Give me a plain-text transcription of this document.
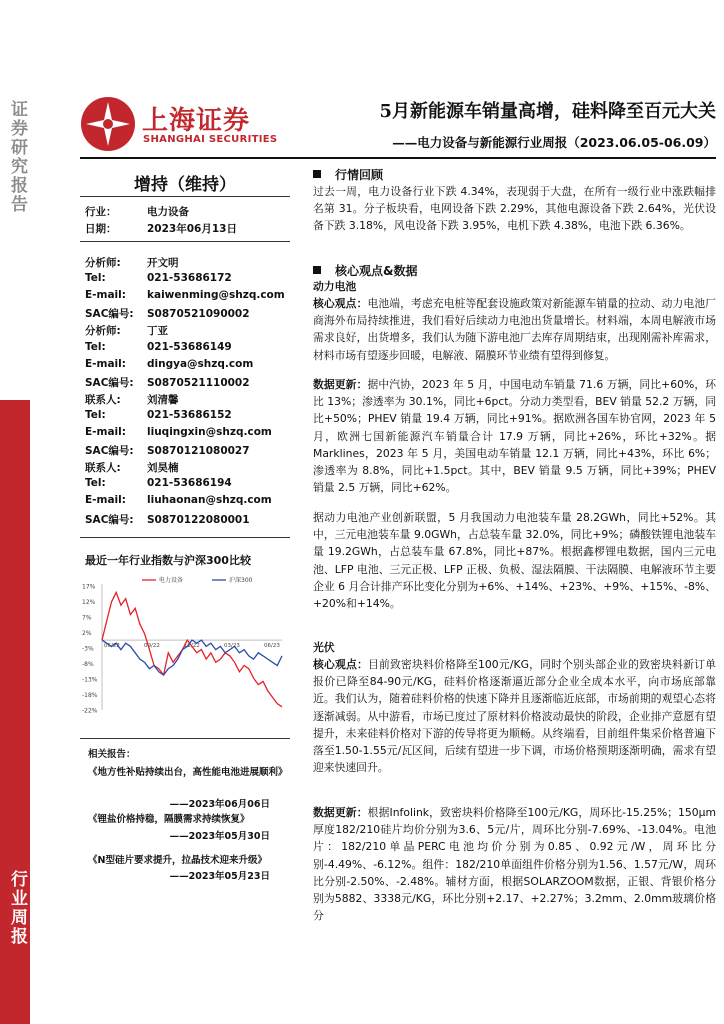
证券研究报告
行业周报
上海证券
SHANGHAI SECURITIES
5月新能源车销量高增，硅料降至百元大关
——电力设备与新能源行业周报（2023.06.05-06.09）
增持（维持）
行业：	电力设备
日期：	2023年06月13日
分析师:	开文明
Tel:	021-53686172
E-mail: kaiwenming@shzq.com
SAC编号: S0870521090002
分析师:	丁亚
Tel:	021-53686149
E-mail: dingya@shzq.com
SAC编号: S0870521110002
联系人:	刘清馨
Tel:	021-53686152
E-mail: liuqingxin@shzq.com
SAC编号: S0870121080027
联系人:	刘昊楠
Tel:	021-53686194
E-mail: liuhaonan@shzq.com
SAC编号: S0870122080001
最近一年行业指数与沪深300比较
17%
12%
7%
2%
-3%
-8%
-13%
-18%
-22%
06/22	09/22	12/22	03/23	06/23
电力设备	沪深300
相关报告：
《地方性补贴持续出台，高性能电池进展顺利》
——2023年06月06日
《锂盐价格持稳，隔膜需求持续恢复》
——2023年05月30日
《N型硅片要求提升，拉晶技术迎来升级》
——2023年05月23日
行情回顾
过去一周，电力设备行业下跌 4.34%，表现弱于大盘，在所有一级行业中涨跌幅排名第 31。分子板块看，电网设备下跌 2.29%，其他电源设备下跌 2.64%，光伏设备下跌 3.18%，风电设备下跌 3.95%，电机下跌 4.38%，电池下跌 6.36%。
核心观点&数据
动力电池
核心观点：电池端，考虑充电桩等配套设施政策对新能源车销量的拉动、动力电池厂商海外布局持续推进，我们看好后续动力电池出货量增长。材料端，本周电解液市场需求良好，出货增多，我们认为随下游电池厂去库存周期结束，出现刚需补库需求，材料市场有望逐步回暖，电解液、隔膜环节业绩有望得到修复。
数据更新：据中汽协，2023 年 5 月，中国电动车销量 71.6 万辆，同比+60%，环比 13%；渗透率为 30.1%，同比+6pct。分动力类型看，BEV 销量 52.2 万辆，同比+50%；PHEV 销量 19.4 万辆，同比+91%。据欧洲各国车协官网，2023 年 5 月，欧洲七国新能源汽车销量合计 17.9 万辆，同比+26%，环比+32%。据 Marklines，2023 年 5 月，美国电动车销量 12.1 万辆，同比+43%，环比 6%；渗透率为 8.8%，同比+1.5pct。其中，BEV 销量 9.5 万辆，同比+39%；PHEV 销量 2.5 万辆，同比+62%。
据动力电池产业创新联盟，5 月我国动力电池装车量 28.2GWh，同比+52%。其中，三元电池装车量 9.0GWh，占总装车量 32.0%，同比+9%；磷酸铁锂电池装车量 19.2GWh，占总装车量 67.8%，同比+87%。根据鑫椤锂电数据，国内三元电池、LFP 电池、三元正极、LFP 正极、负极、湿法隔膜、干法隔膜、电解液环节主要企业 6 月合计排产环比变化分别为+6%、+14%、+23%、+9%、+15%、-8%、+20%和+14%。
光伏
核心观点：目前致密块料价格降至100元/KG，同时个别头部企业的致密块料新订单报价已降至84-90元/KG，硅料价格逐渐逼近部分企业全成本水平，向市场底部靠近。我们认为，随着硅料价格的快速下降并且逐渐临近底部，市场前期的观望心态将逐渐减弱。从中游看，市场已度过了原材料价格波动最快的阶段，企业排产意愿有望提升，未来硅料价格对下游的传导将更为顺畅。从终端看，目前组件集采价格普遍下落至1.50-1.55元/瓦区间，后续有望进一步下调，市场价格预期逐渐明确，需求有望迎来快速回升。
数据更新：根据Infolink，致密块料价格降至100元/KG，周环比-15.25%；150μm厚度182/210硅片均价分别为3.6、5元/片，周环比分别-7.69%、-13.04%。电池片：182/210单晶PERC电池均价分别为0.85、0.92元/W，周环比分别-4.49%、-6.12%。组件：182/210单面组件价格分别为1.56、1.57元/W，周环比分别-2.50%、-2.48%。辅材方面，根据SOLARZOOM数据，正银、背银价格分别为5882、3338元/KG，环比分别+2.17、+2.27%；3.2mm、2.0mm玻璃价格分
